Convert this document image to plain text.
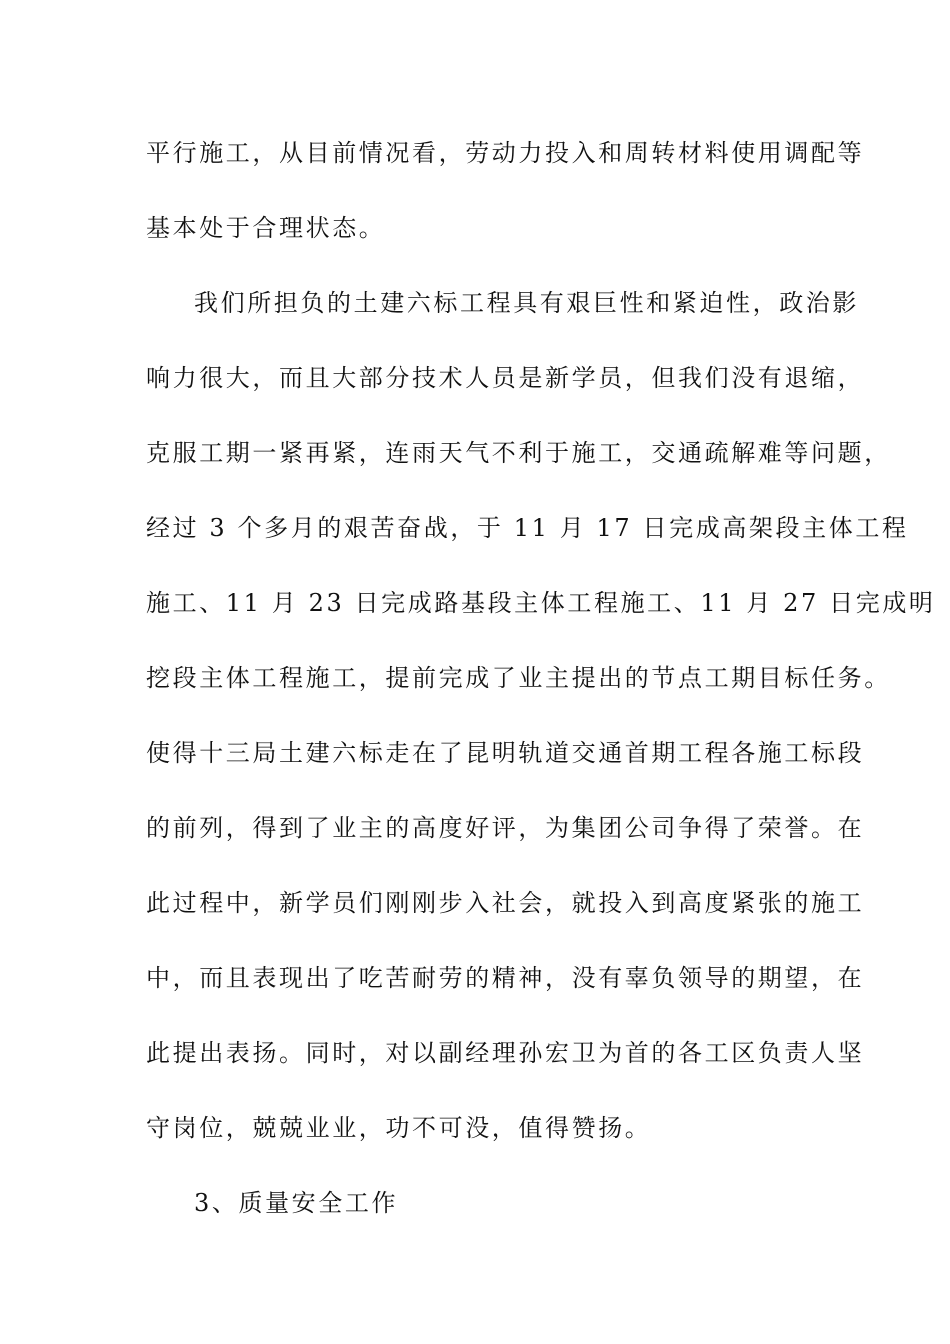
平行施工，从目前情况看，劳动力投入和周转材料使用调配等
基本处于合理状态。
我们所担负的土建六标工程具有艰巨性和紧迫性，政治影
响力很大，而且大部分技术人员是新学员，但我们没有退缩，
克服工期一紧再紧，连雨天气不利于施工，交通疏解难等问题，
经过 3 个多月的艰苦奋战，于 11 月 17 日完成高架段主体工程
施工、11 月 23 日完成路基段主体工程施工、11 月 27 日完成明
挖段主体工程施工，提前完成了业主提出的节点工期目标任务。
使得十三局土建六标走在了昆明轨道交通首期工程各施工标段
的前列，得到了业主的高度好评，为集团公司争得了荣誉。在
此过程中，新学员们刚刚步入社会，就投入到高度紧张的施工
中，而且表现出了吃苦耐劳的精神，没有辜负领导的期望，在
此提出表扬。同时，对以副经理孙宏卫为首的各工区负责人坚
守岗位，兢兢业业，功不可没，值得赞扬。
3、质量安全工作
